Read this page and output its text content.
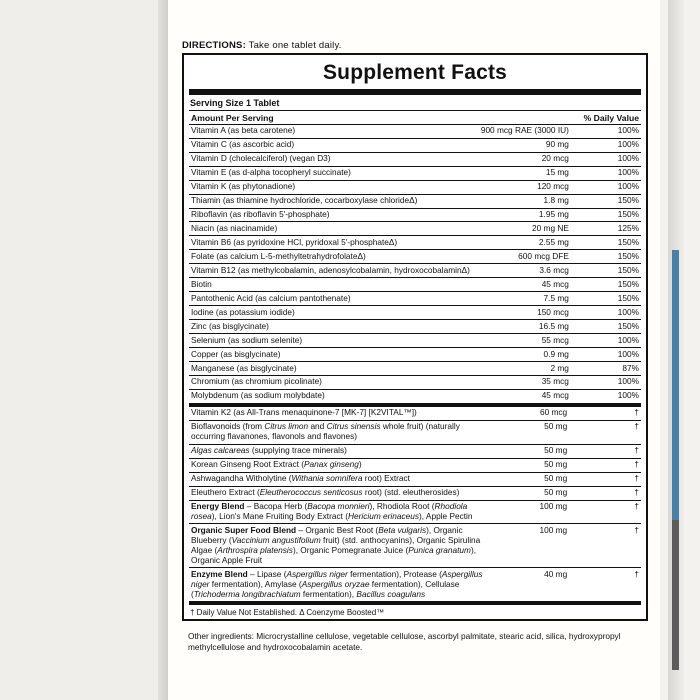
DIRECTIONS: Take one tablet daily.
Supplement Facts
Serving Size 1 Tablet
Amount Per Serving		% Daily Value
Vitamin A (as beta carotene)	900 mcg RAE (3000 IU)	100%
Vitamin C (as ascorbic acid)	90 mg	100%
Vitamin D (cholecalciferol) (vegan D3)	20 mcg	100%
Vitamin E (as d-alpha tocopheryl succinate)	15 mg	100%
Vitamin K (as phytonadione)	120 mcg	100%
Thiamin (as thiamine hydrochloride, cocarboxylase chlorideΔ)	1.8 mg	150%
Riboflavin (as riboflavin 5'-phosphate)	1.95 mg	150%
Niacin (as niacinamide)	20 mg NE	125%
Vitamin B6 (as pyridoxine HCl, pyridoxal 5'-phosphateΔ)	2.55 mg	150%
Folate (as calcium L-5-methyltetrahydrofolateΔ)	600 mcg DFE	150%
Vitamin B12 (as methylcobalamin, adenosylcobalamin, hydroxocobalaminΔ)	3.6 mcg	150%
Biotin	45 mcg	150%
Pantothenic Acid (as calcium pantothenate)	7.5 mg	150%
Iodine (as potassium iodide)	150 mcg	100%
Zinc (as bisglycinate)	16.5 mg	150%
Selenium (as sodium selenite)	55 mcg	100%
Copper (as bisglycinate)	0.9 mg	100%
Manganese (as bisglycinate)	2 mg	87%
Chromium (as chromium picolinate)	35 mcg	100%
Molybdenum (as sodium molybdate)	45 mcg	100%
Vitamin K2 (as All-Trans menaquinone-7 [MK-7] [K2VITAL™])	60 mcg	†
Bioflavonoids (from Citrus limon and Citrus sinensis whole fruit) (naturally occurring flavanones, flavonols and flavones)	50 mg	†
Algas calcareas (supplying trace minerals)	50 mg	†
Korean Ginseng Root Extract (Panax ginseng)	50 mg	†
Ashwagandha Witholytine (Withania somnifera root) Extract	50 mg	†
Eleuthero Extract (Eleutherococcus senticosus root) (std. eleutherosides)	50 mg	†
Energy Blend – Bacopa Herb (Bacopa monnieri), Rhodiola Root (Rhodiola rosea), Lion's Mane Fruiting Body Extract (Hericium erinaceus), Apple Pectin	100 mg	†
Organic Super Food Blend – Organic Best Root (Beta vulgaris), Organic Blueberry (Vaccinium angustifolium fruit) (std. anthocyanins), Organic Spirulina Algae (Arthrospira platensis), Organic Pomegranate Juice (Punica granatum), Organic Apple Fruit	100 mg	†
Enzyme Blend – Lipase (Aspergillus niger fermentation), Protease (Aspergillus niger fermentation), Amylase (Aspergillus oryzae fermentation), Cellulase (Trichoderma longibrachiatum fermentation), Bacillus coagulans	40 mg	†
† Daily Value Not Established. Δ Coenzyme Boosted™
Other ingredients: Microcrystalline cellulose, vegetable cellulose, ascorbyl palmitate, stearic acid, silica, hydroxypropyl methylcellulose and hydroxocobalamin acetate.
